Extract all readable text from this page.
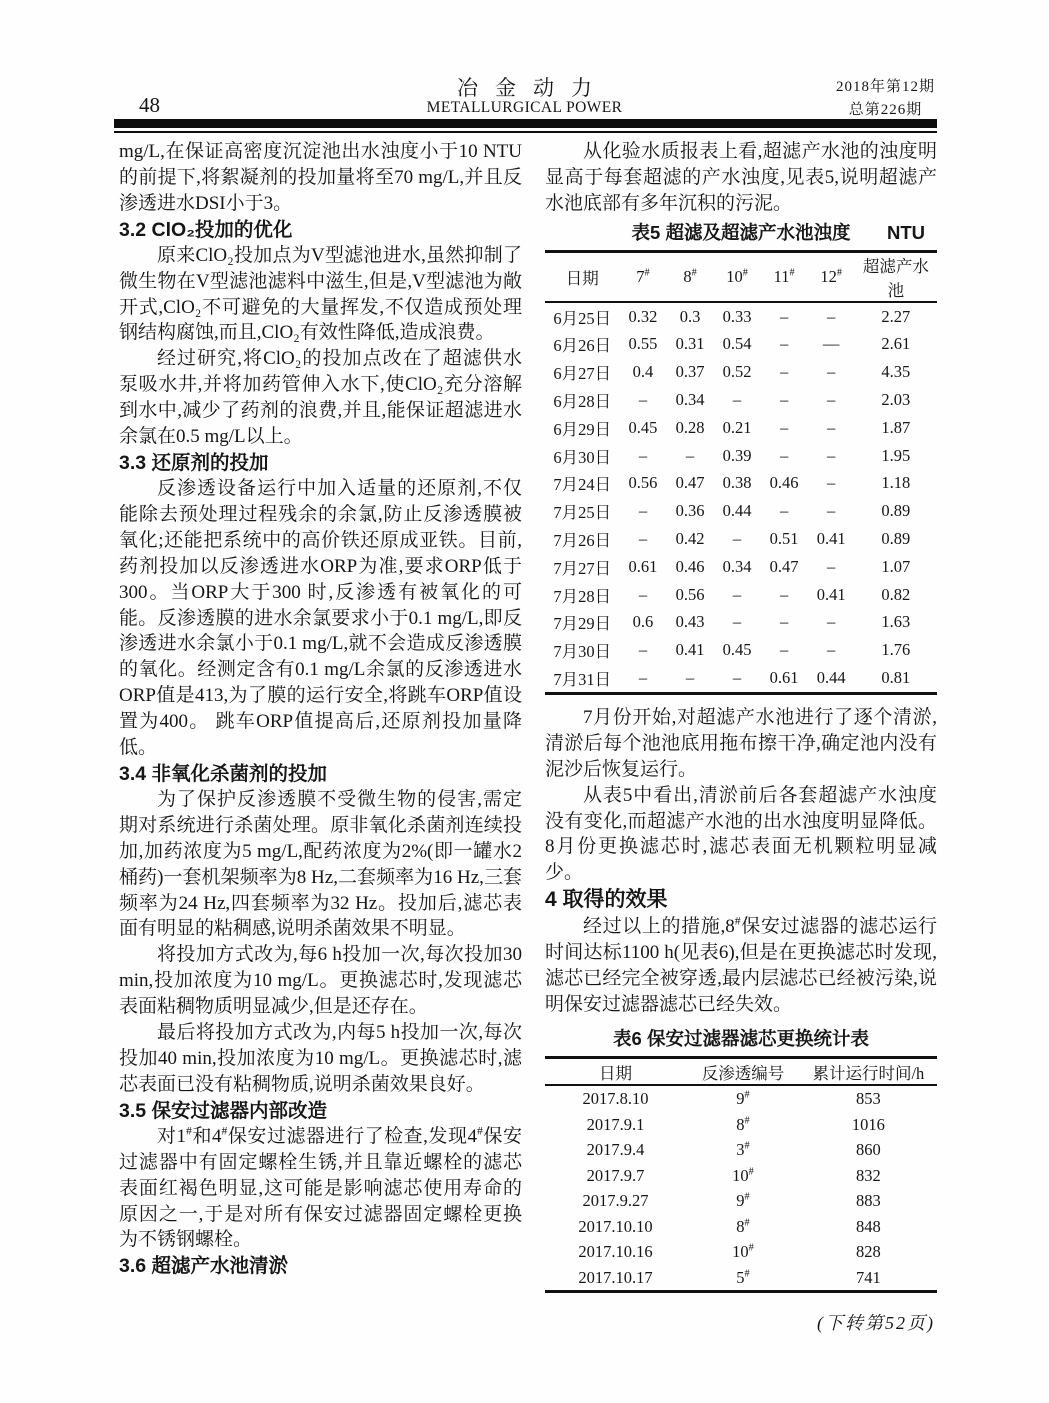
48
冶金动力
METALLURGICAL POWER
2018年第12期
总第226期

mg/L,在保证高密度沉淀池出水浊度小于10 NTU的前提下,将絮凝剂的投加量将至70 mg/L,并且反渗透进水DSI小于3。

3.2 ClO₂投加的优化

原来ClO₂投加点为V型滤池进水,虽然抑制了微生物在V型滤池滤料中滋生,但是,V型滤池为敞开式,ClO₂不可避免的大量挥发,不仅造成预处理钢结构腐蚀,而且,ClO₂有效性降低,造成浪费。

经过研究,将ClO₂的投加点改在了超滤供水泵吸水井,并将加药管伸入水下,使ClO₂充分溶解到水中,减少了药剂的浪费,并且,能保证超滤进水余氯在0.5 mg/L以上。

3.3 还原剂的投加

反渗透设备运行中加入适量的还原剂,不仅能除去预处理过程残余的余氯,防止反渗透膜被氧化;还能把系统中的高价铁还原成亚铁。目前,药剂投加以反渗透进水ORP为准,要求ORP低于300。当ORP大于300 时,反渗透有被氧化的可能。反渗透膜的进水余氯要求小于0.1 mg/L,即反渗透进水余氯小于0.1 mg/L,就不会造成反渗透膜的氧化。经测定含有0.1 mg/L余氯的反渗透进水 ORP值是413,为了膜的运行安全,将跳车ORP值设置为400。 跳车ORP值提高后,还原剂投加量降低。

3.4 非氧化杀菌剂的投加

为了保护反渗透膜不受微生物的侵害,需定期对系统进行杀菌处理。原非氧化杀菌剂连续投加,加药浓度为5 mg/L,配药浓度为2%(即一罐水2桶药)一套机架频率为8 Hz,二套频率为16 Hz,三套频率为24 Hz,四套频率为32 Hz。投加后,滤芯表面有明显的粘稠感,说明杀菌效果不明显。

将投加方式改为,每6 h投加一次,每次投加30 min,投加浓度为10 mg/L。更换滤芯时,发现滤芯表面粘稠物质明显减少,但是还存在。

最后将投加方式改为,内每5 h投加一次,每次投加40 min,投加浓度为10 mg/L。更换滤芯时,滤芯表面已没有粘稠物质,说明杀菌效果良好。

3.5 保安过滤器内部改造

对1#和4#保安过滤器进行了检查,发现4#保安过滤器中有固定螺栓生锈,并且靠近螺栓的滤芯表面红褐色明显,这可能是影响滤芯使用寿命的原因之一,于是对所有保安过滤器固定螺栓更换为不锈钢螺栓。

3.6 超滤产水池清淤

从化验水质报表上看,超滤产水池的浊度明显高于每套超滤的产水浊度,见表5,说明超滤产水池底部有多年沉积的污泥。

表5 超滤及超滤产水池浊度 NTU
日期	7#	8#	10#	11#	12#	超滤产水池
6月25日	0.32	0.3	0.33	–	–	2.27
6月26日	0.55	0.31	0.54	–	––	2.61
6月27日	0.4	0.37	0.52	–	–	4.35
6月28日	–	0.34	–	–	–	2.03
6月29日	0.45	0.28	0.21	–	–	1.87
6月30日	–	–	0.39	–	–	1.95
7月24日	0.56	0.47	0.38	0.46	–	1.18
7月25日	–	0.36	0.44	–	–	0.89
7月26日	–	0.42	–	0.51	0.41	0.89
7月27日	0.61	0.46	0.34	0.47	–	1.07
7月28日	–	0.56	–	–	0.41	0.82
7月29日	0.6	0.43	–	–	–	1.63
7月30日	–	0.41	0.45	–	–	1.76
7月31日	–	–	–	0.61	0.44	0.81

7月份开始,对超滤产水池进行了逐个清淤,清淤后每个池池底用拖布擦干净,确定池内没有泥沙后恢复运行。

从表5中看出,清淤前后各套超滤产水浊度没有变化,而超滤产水池的出水浊度明显降低。8月份更换滤芯时,滤芯表面无机颗粒明显减少。

4 取得的效果

经过以上的措施,8#保安过滤器的滤芯运行时间达标1100 h(见表6),但是在更换滤芯时发现,滤芯已经完全被穿透,最内层滤芯已经被污染,说明保安过滤器滤芯已经失效。

表6 保安过滤器滤芯更换统计表
日期	反渗透编号	累计运行时间/h
2017.8.10	9#	853
2017.9.1	8#	1016
2017.9.4	3#	860
2017.9.7	10#	832
2017.9.27	9#	883
2017.10.10	8#	848
2017.10.16	10#	828
2017.10.17	5#	741
(下转第52页)
